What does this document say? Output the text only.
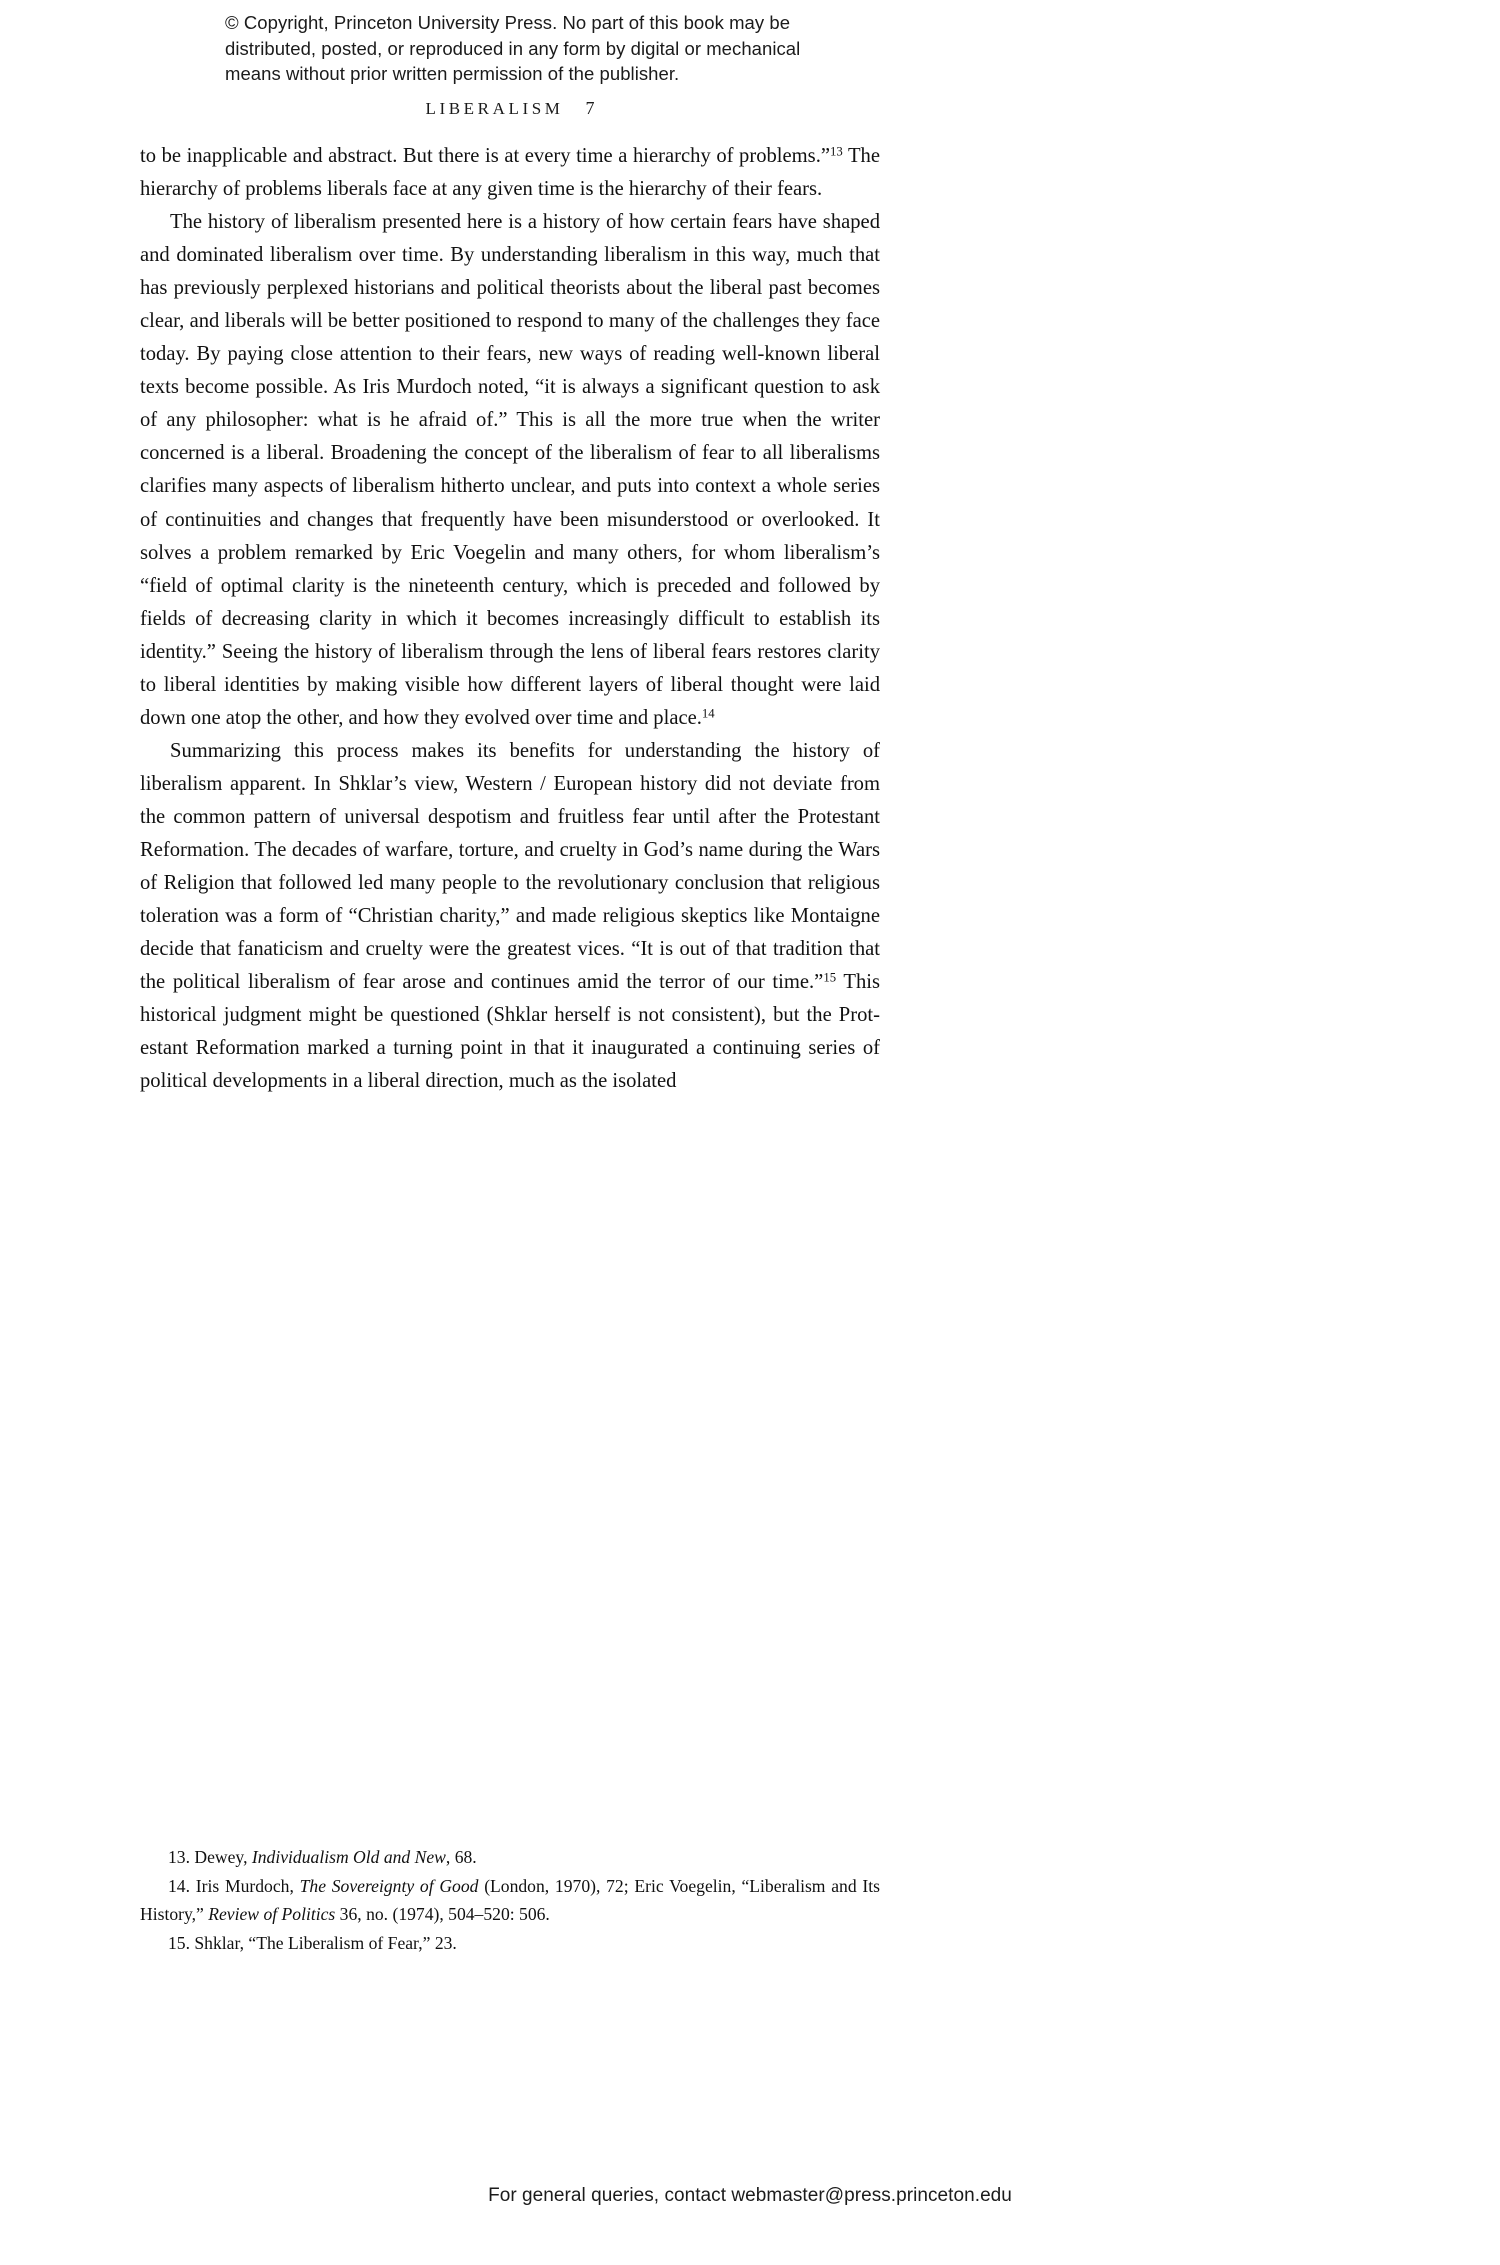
© Copyright, Princeton University Press. No part of this book may be
distributed, posted, or reproduced in any form by digital or mechanical
means without prior written permission of the publisher.
LIBERALISM 7

to be inapplicable and abstract. But there is at every time a hierarchy of problems.”$^{13}$ The hierarchy of problems liberals face at any given time is the hierarchy of their fears.

The history of liberalism presented here is a history of how certain fears have shaped and dominated liberalism over time. By understanding liberalism in this way, much that has previously perplexed historians and political theorists about the liberal past becomes clear, and liberals will be better positioned to respond to many of the challenges they face today. By paying close attention to their fears, new ways of reading well-known liberal texts become possible. As Iris Murdoch noted, “it is always a significant question to ask of any philosopher: what is he afraid of.” This is all the more true when the writer concerned is a liberal. Broadening the concept of the liberalism of fear to all liberalisms clarifies many aspects of liberalism hitherto unclear, and puts into context a whole series of continuities and changes that frequently have been misunderstood or overlooked. It solves a problem remarked by Eric Voegelin and many others, for whom liberalism’s “field of optimal clarity is the nineteenth century, which is preceded and followed by fields of decreasing clarity in which it becomes increasingly difficult to establish its identity.” Seeing the history of liberalism through the lens of liberal fears restores clarity to liberal identities by making visible how different layers of liberal thought were laid down one atop the other, and how they evolved over time and place.$^{14}$

Summarizing this process makes its benefits for understanding the history of liberalism apparent. In Shklar’s view, Western / European history did not deviate from the common pattern of universal despotism and fruitless fear until after the Protestant Reformation. The decades of warfare, torture, and cruelty in God’s name during the Wars of Religion that followed led many people to the revolutionary conclusion that religious toleration was a form of “Christian charity,” and made religious skeptics like Montaigne decide that fanaticism and cruelty were the greatest vices. “It is out of that tradition that the political liberalism of fear arose and continues amid the terror of our time.”$^{15}$ This historical judgment might be questioned (Shklar herself is not consistent), but the Protestant Reformation marked a turning point in that it inaugurated a continuing series of political developments in a liberal direction, much as the isolated

13. Dewey, Individualism Old and New, 68.

14. Iris Murdoch, The Sovereignty of Good (London, 1970), 72; Eric Voegelin, “Liberalism and Its History,” Review of Politics 36, no. (1974), 504–520: 506.

15. Shklar, “The Liberalism of Fear,” 23.

For general queries, contact webmaster@press.princeton.edu
